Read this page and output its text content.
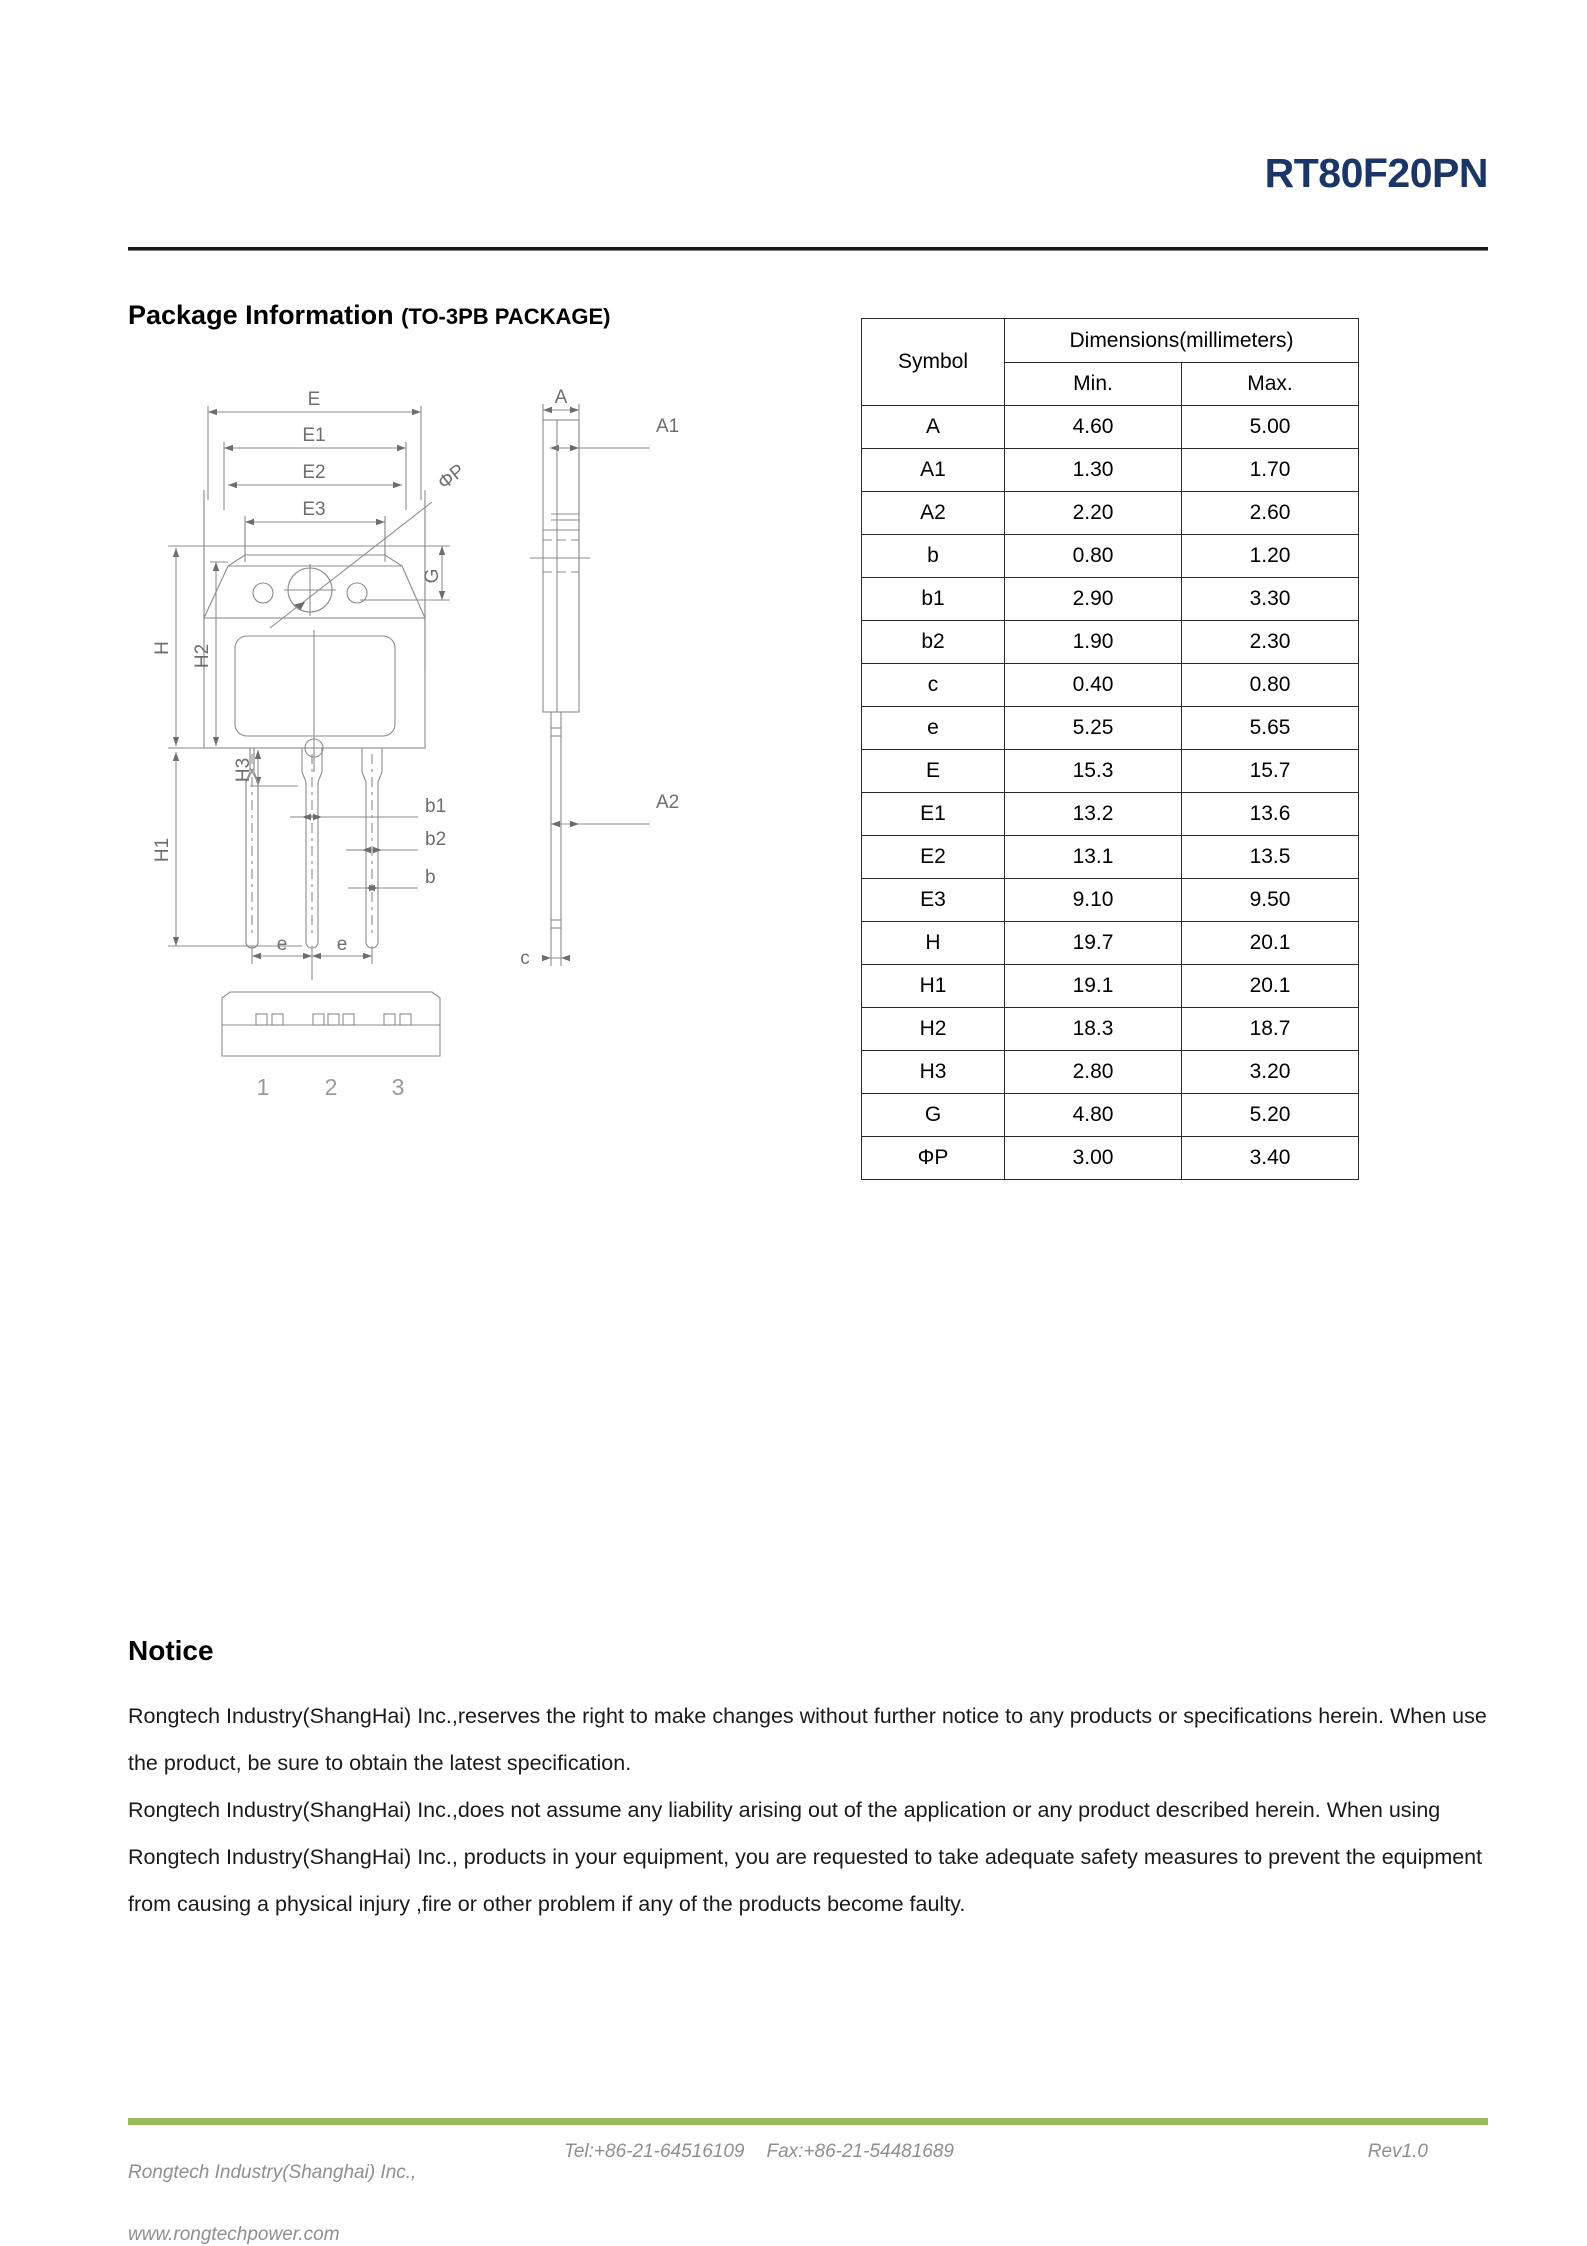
RT80F20PN
Package Information (TO-3PB PACKAGE)
E
E1
E2
E3
ΦP
G
H H2
H1
H3
b1
b2
b
e	e
A
A1
A2
c
1 2 3
Symbol	Dimensions(millimeters)	
	Min.	Max.
A	4.60	5.00
A1	1.30	1.70
A2	2.20	2.60
b	0.80	1.20
b1	2.90	3.30
b2	1.90	2.30
c	0.40	0.80
e	5.25	5.65
E	15.3	15.7
E1	13.2	13.6
E2	13.1	13.5
E3	9.10	9.50
H	19.7	20.1
H1	19.1	20.1
H2	18.3	18.7
H3	2.80	3.20
G	4.80	5.20
ΦP	3.00	3.40
Notice

Rongtech Industry(ShangHai) Inc.,reserves the right to make changes without further notice to any products or specifications herein. When use the product, be sure to obtain the latest specification.

Rongtech Industry(ShangHai) Inc.,does not assume any liability arising out of the application or any product described herein. When using Rongtech Industry(ShangHai) Inc., products in your equipment, you are requested to take adequate safety measures to prevent the equipment from causing a physical injury ,fire or other problem if any of the products become faulty.

Rongtech Industry(Shanghai) Inc.,
www.rongtechpower.com
Tel:+86-21-64516109 Fax:+86-21-54481689	Rev1.0
